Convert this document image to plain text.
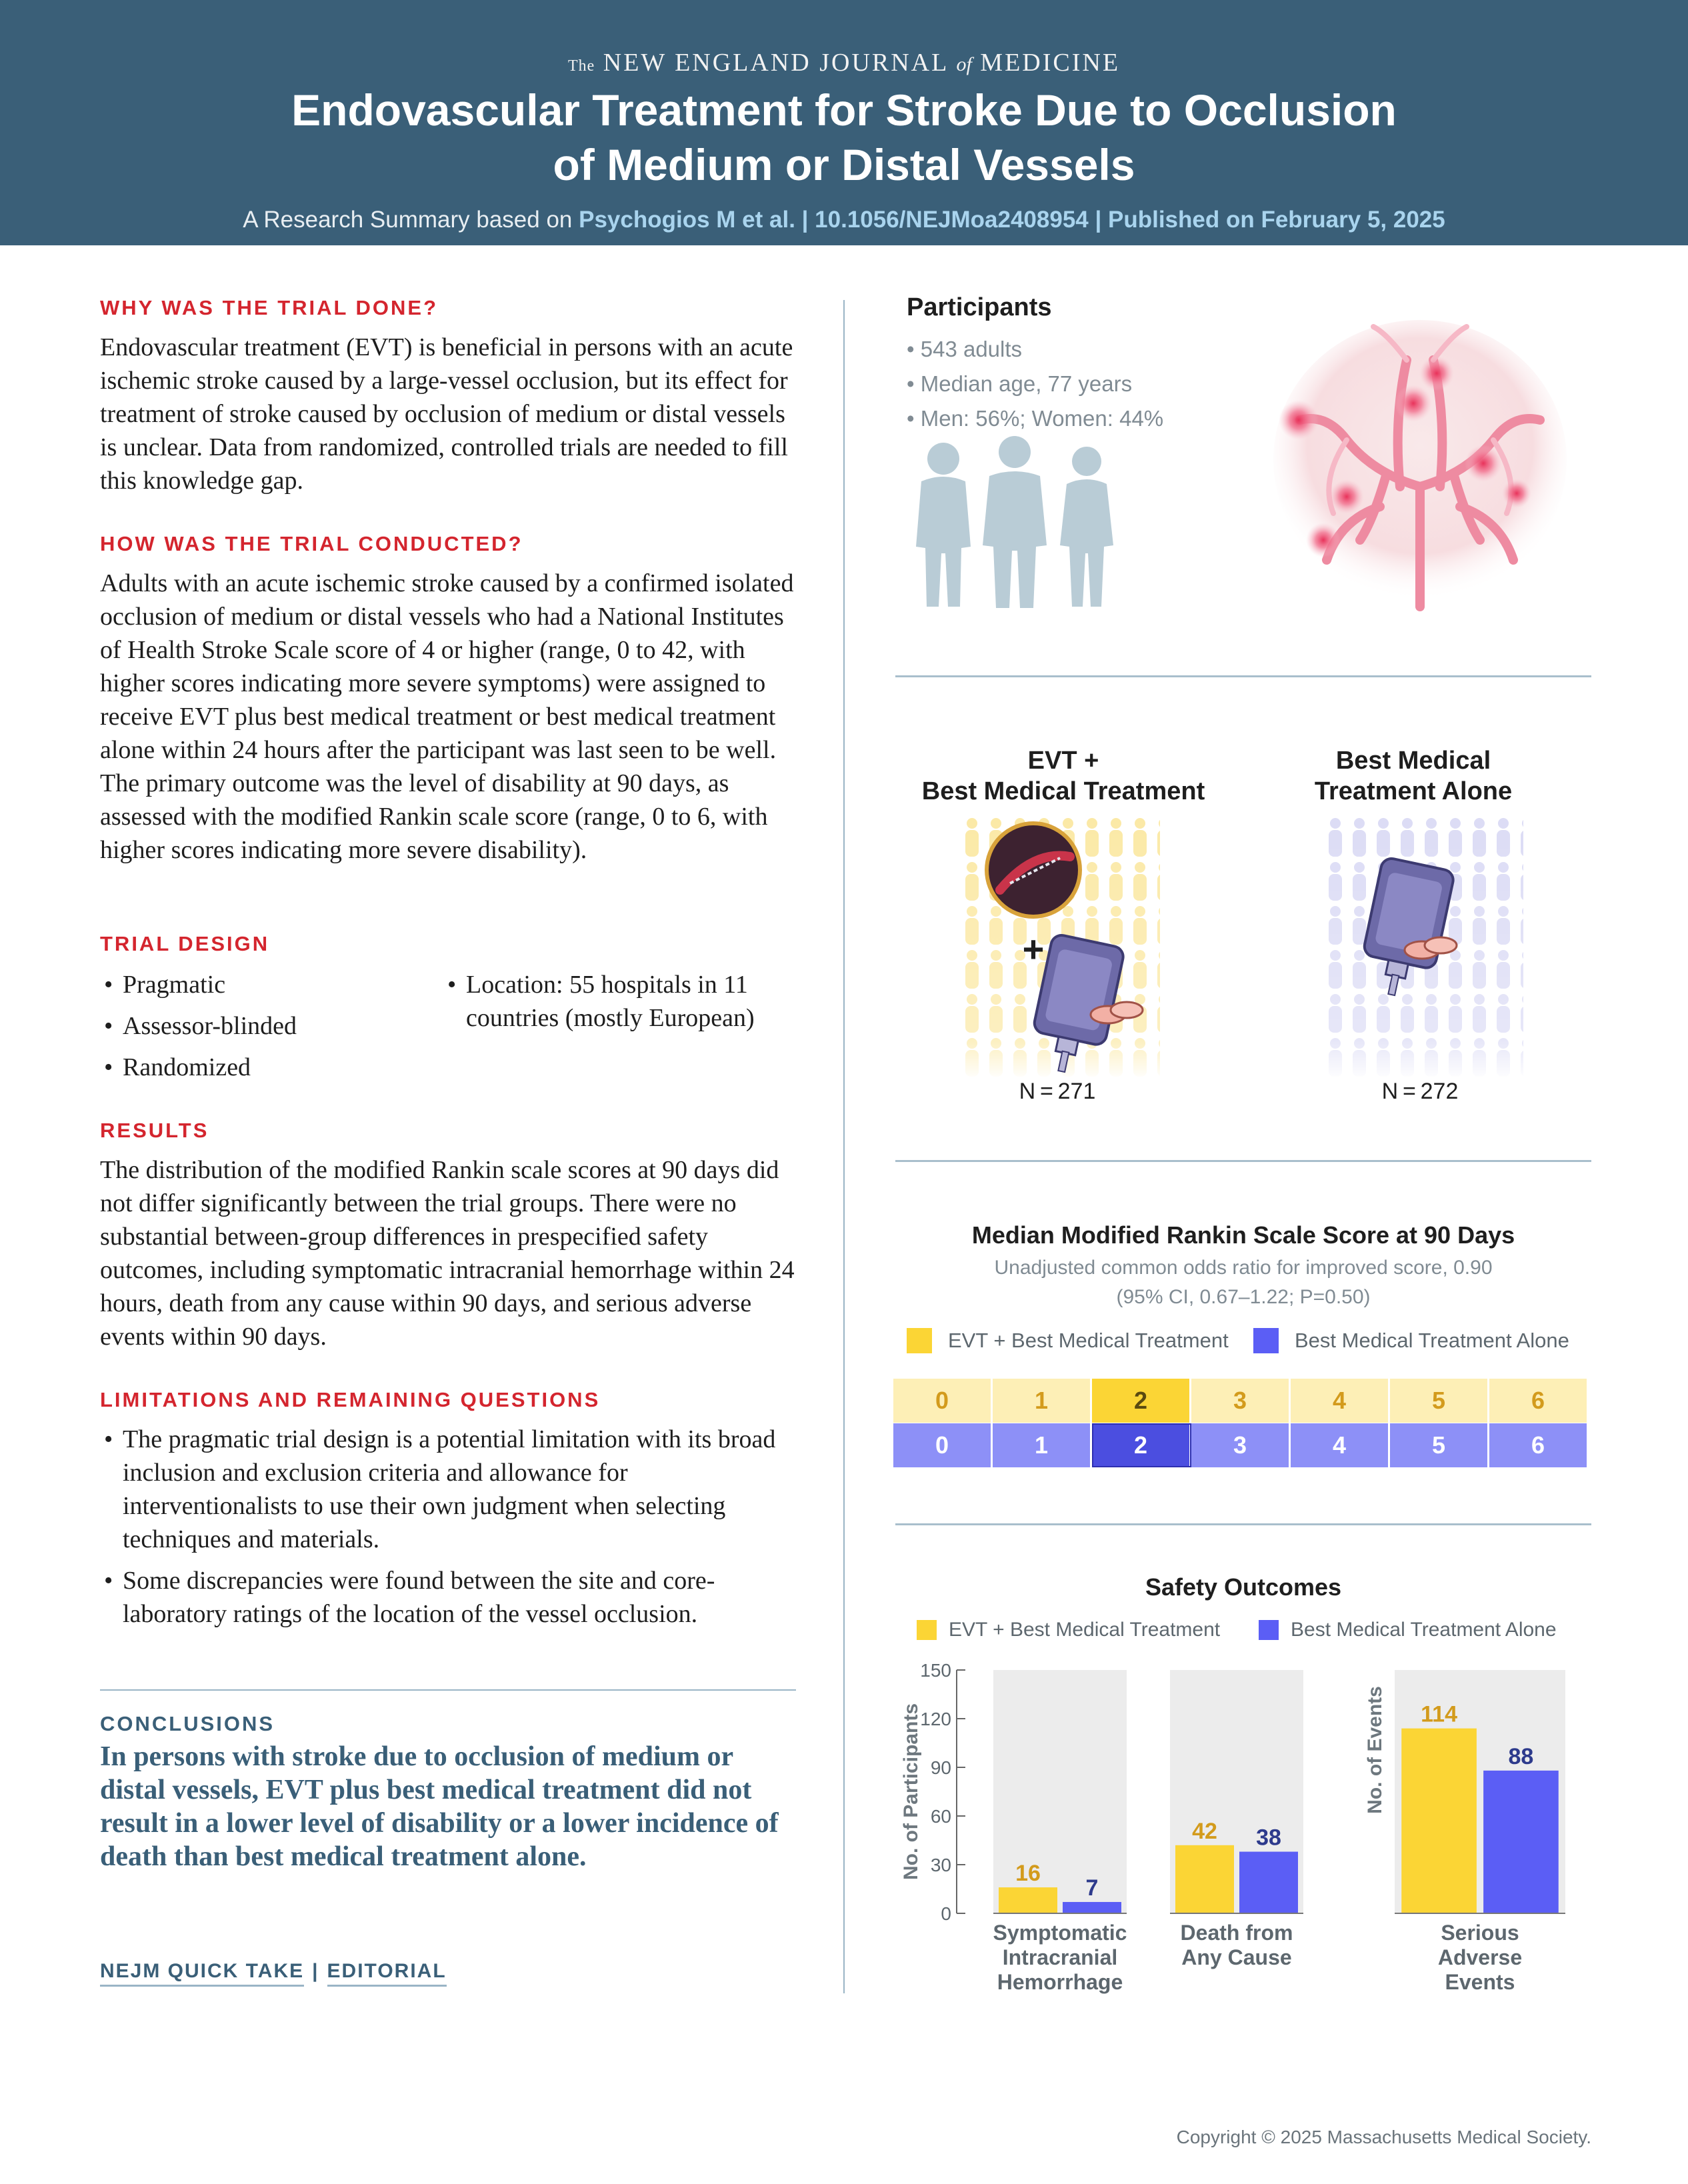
The NEW ENGLAND JOURNAL of MEDICINE
Endovascular Treatment for Stroke Due to Occlusion
of Medium or Distal Vessels
A Research Summary based on Psychogios M et al. | 10.1056/NEJMoa2408954 | Published on February 5, 2025
WHY WAS THE TRIAL DONE?
Endovascular treatment (EVT) is beneficial in persons with an acute ischemic stroke caused by a large-vessel occlusion, but its effect for treatment of stroke caused by occlusion of medium or distal vessels is unclear. Data from randomized, controlled trials are needed to fill this knowledge gap.
HOW WAS THE TRIAL CONDUCTED?
Adults with an acute ischemic stroke caused by a confirmed isolated occlusion of medium or distal vessels who had a National Institutes of Health Stroke Scale score of 4 or higher (range, 0 to 42, with higher scores indicating more severe symptoms) were assigned to receive EVT plus best medical treatment or best medical treatment alone within 24 hours after the participant was last seen to be well. The primary outcome was the level of disability at 90 days, as assessed with the modified Rankin scale score (range, 0 to 6, with higher scores indicating more severe disability).
TRIAL DESIGN
• Pragmatic
• Assessor-blinded
• Randomized
• Location: 55 hospitals in 11 countries (mostly European)
RESULTS
The distribution of the modified Rankin scale scores at 90 days did not differ significantly between the trial groups. There were no substantial between-group differences in prespecified safety outcomes, including symptomatic intracranial hemorrhage within 24 hours, death from any cause within 90 days, and serious adverse events within 90 days.
LIMITATIONS AND REMAINING QUESTIONS
• The pragmatic trial design is a potential limitation with its broad inclusion and exclusion criteria and allowance for interventionalists to use their own judgment when selecting techniques and materials.
• Some discrepancies were found between the site and core-laboratory ratings of the location of the vessel occlusion.
CONCLUSIONS
In persons with stroke due to occlusion of medium or distal vessels, EVT plus best medical treatment did not result in a lower level of disability or a lower incidence of death than best medical treatment alone.
NEJM QUICK TAKE | EDITORIAL
Participants
• 543 adults
• Median age, 77 years
• Men: 56%; Women: 44%
EVT +
Best Medical Treatment
Best Medical
Treatment Alone
+
N = 271	N = 272
Median Modified Rankin Scale Score at 90 Days
Unadjusted common odds ratio for improved score, 0.90
(95% CI, 0.67–1.22; P=0.50)
EVT + Best Medical Treatment	Best Medical Treatment Alone
0	1	2	3	4	5	6
0	1	2	3	4	5	6
Safety Outcomes
EVT + Best Medical Treatment	Best Medical Treatment Alone
0
30
60
90
120
150
No. of Participants	No. of Events
16
7
Symptomatic
Intracranial
Hemorrhage
42 38
Death from
Any Cause
114
88
Serious
Adverse
Events
Copyright © 2025 Massachusetts Medical Society.
